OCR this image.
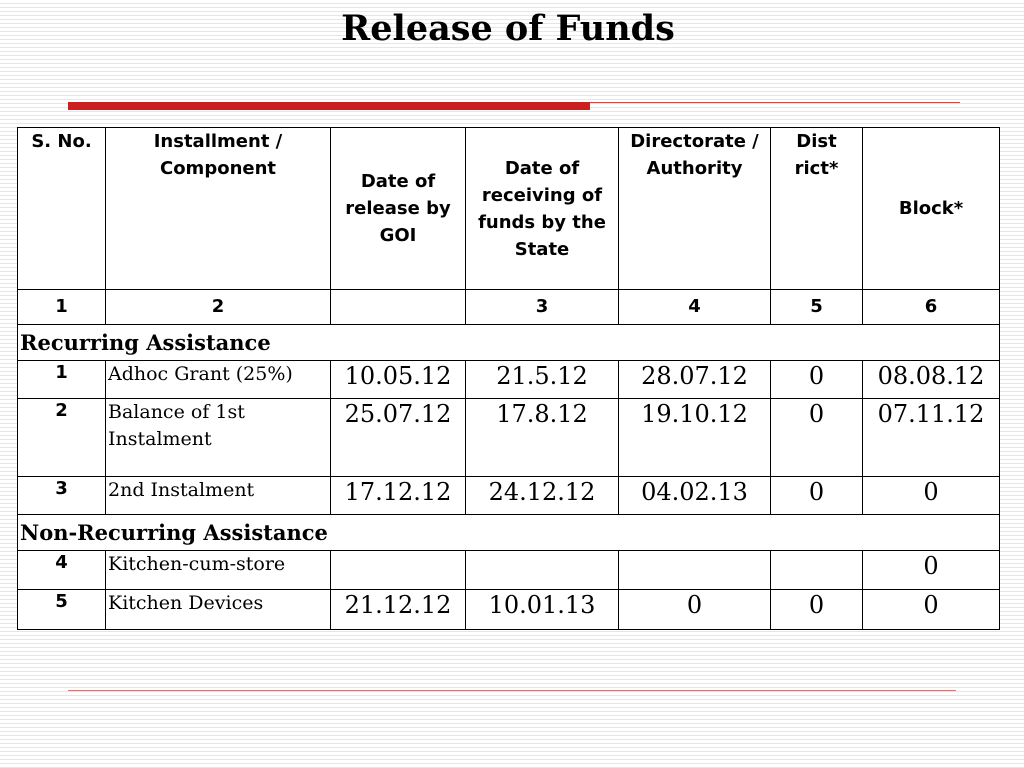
Release of Funds
S. No.	Installment / Component	Date of release by GOI	Date of receiving of funds by the State	Directorate / Authority	Dist rict*	Block*
1	2		3	4	5	6
Recurring Assistance						
1	Adhoc Grant (25%)	10.05.12	21.5.12	28.07.12	0	08.08.12
2	Balance of 1st Instalment	25.07.12	17.8.12	19.10.12	0	07.11.12
3	2nd Instalment	17.12.12	24.12.12	04.02.13	0	0
Non-Recurring Assistance						
4	Kitchen-cum-store					0
5	Kitchen Devices	21.12.12	10.01.13	0	0	0
